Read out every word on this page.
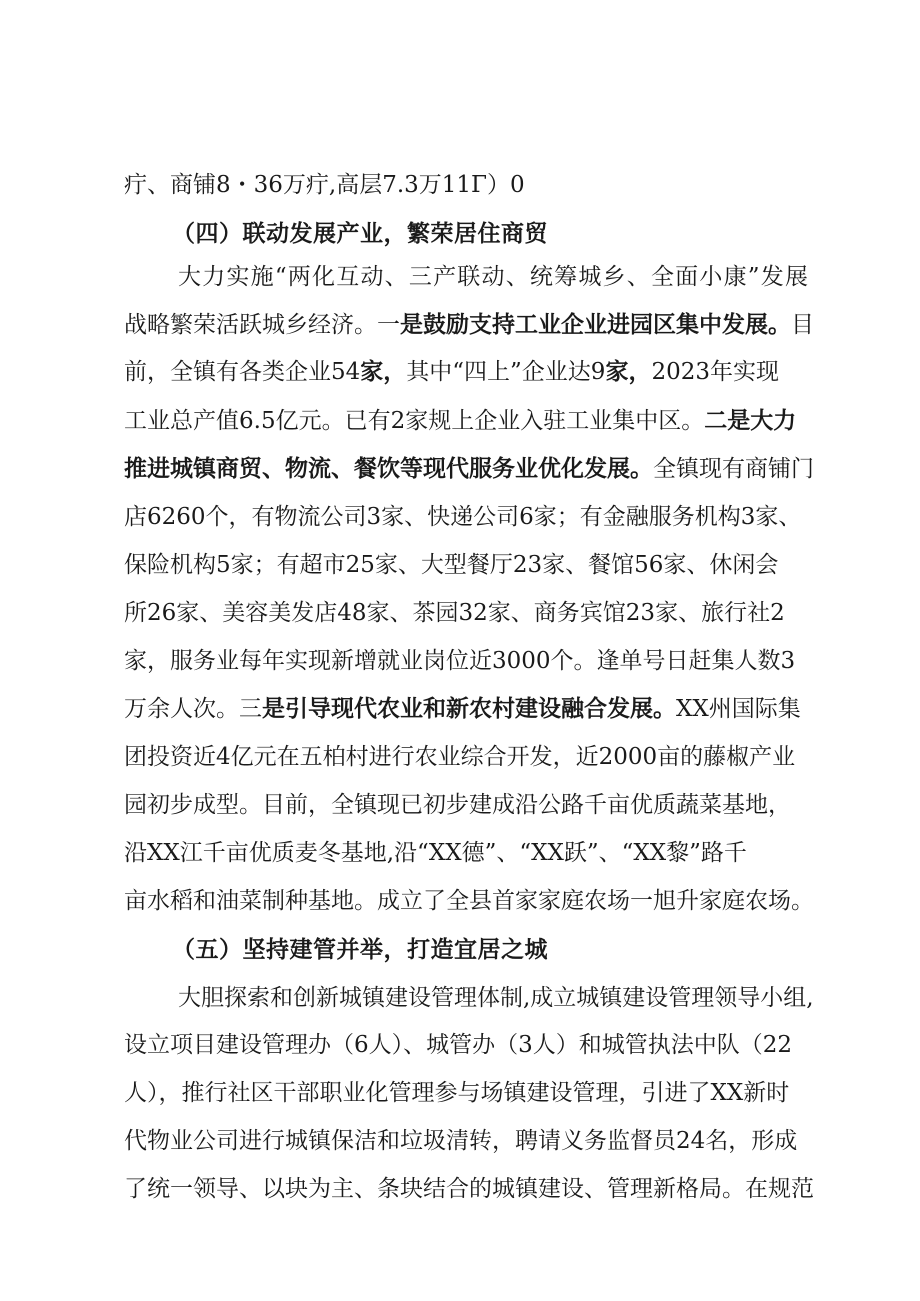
疔、商铺8・36万疔,高层7.3万11Γ）0
（四）联动发展产业，繁荣居住商贸
大力实施“两化互动、三产联动、统筹城乡、全面小康”发展
战略繁荣活跃城乡经济。一是鼓励支持工业企业进园区集中发展。目
前，全镇有各类企业54家，其中“四上”企业达9家，2023年实现
工业总产值6.5亿元。已有2家规上企业入驻工业集中区。二是大力
推进城镇商贸、物流、餐饮等现代服务业优化发展。全镇现有商铺门
店6260个，有物流公司3家、快递公司6家；有金融服务机构3家、
保险机构5家；有超市25家、大型餐厅23家、餐馆56家、休闲会
所26家、美容美发店48家、茶园32家、商务宾馆23家、旅行社2
家，服务业每年实现新增就业岗位近3000个。逢单号日赶集人数3
万余人次。三是引导现代农业和新农村建设融合发展。XX州国际集
团投资近4亿元在五柏村进行农业综合开发，近2000亩的藤椒产业
园初步成型。目前，全镇现已初步建成沿公路千亩优质蔬菜基地，
沿XX江千亩优质麦冬基地,沿“XX德”、“XX跃”、“XX黎”路千
亩水稻和油菜制种基地。成立了全县首家家庭农场一旭升家庭农场。
（五）坚持建管并举，打造宜居之城
大胆探索和创新城镇建设管理体制,成立城镇建设管理领导小组,
设立项目建设管理办（6人）、城管办（3人）和城管执法中队（22
人），推行社区干部职业化管理参与场镇建设管理，引进了XX新时
代物业公司进行城镇保洁和垃圾清转，聘请义务监督员24名，形成
了统一领导、以块为主、条块结合的城镇建设、管理新格局。在规范
